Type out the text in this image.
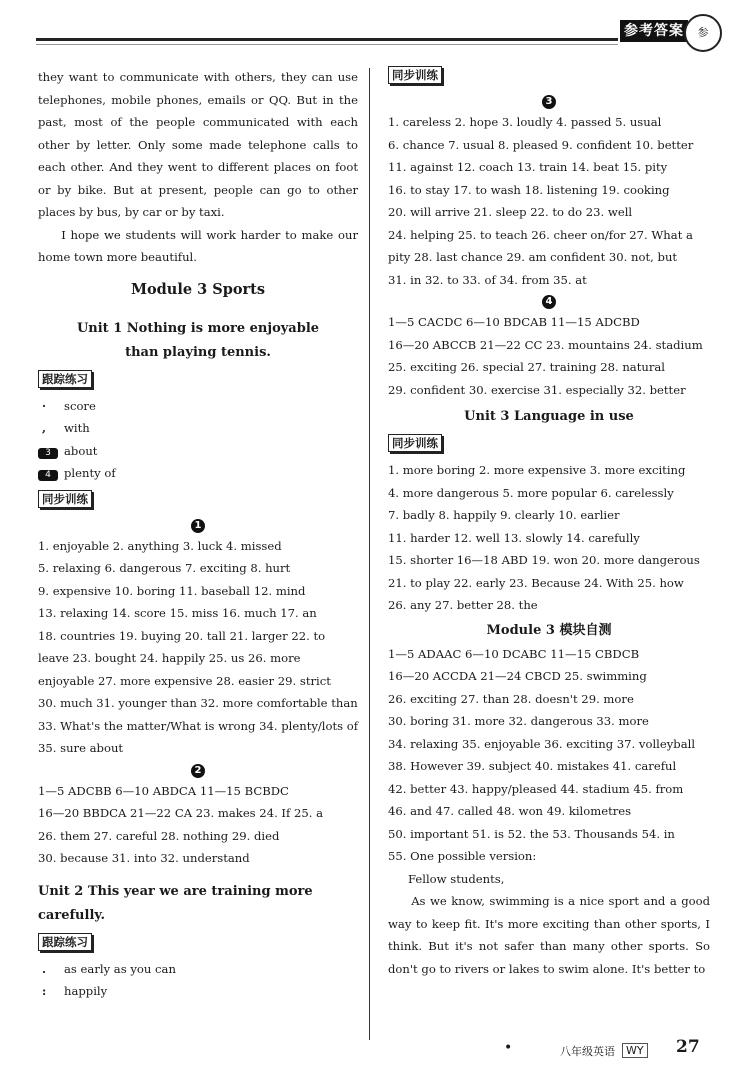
参考答案	参

they want to communicate with others, they can use telephones, mobile phones, emails or QQ. But in the past, most of the people communicated with each other by letter. Only some made telephone calls to each other. And they went to different places on foot or by bike. But at present, people can go to other places by bus, by car or by taxi.

I hope we students will work harder to make our home town more beautiful.

Module 3 Sports
Unit 1 Nothing is more enjoyable
than playing tennis.
跟踪练习
· score
, with
3 about
4 plenty of
同步训练
1
1. enjoyable 2. anything 3. luck 4. missed
5. relaxing 6. dangerous 7. exciting 8. hurt
9. expensive 10. boring 11. baseball 12. mind
13. relaxing 14. score 15. miss 16. much 17. an
18. countries 19. buying 20. tall 21. larger 22. to
leave 23. bought 24. happily 25. us 26. more
enjoyable 27. more expensive 28. easier 29. strict
30. much 31. younger than 32. more comfortable than
33. What's the matter/What is wrong 34. plenty/lots of
35. sure about
2
1—5 ADCBB 6—10 ABDCA 11—15 BCBDC
16—20 BBDCA 21—22 CA 23. makes 24. If 25. a
26. them 27. careful 28. nothing 29. died
30. because 31. into 32. understand
Unit 2 This year we are training more carefully.
跟踪练习
. as early as you can
: happily
同步训练
3
1. careless 2. hope 3. loudly 4. passed 5. usual
6. chance 7. usual 8. pleased 9. confident 10. better
11. against 12. coach 13. train 14. beat 15. pity
16. to stay 17. to wash 18. listening 19. cooking
20. will arrive 21. sleep 22. to do 23. well
24. helping 25. to teach 26. cheer on/for 27. What a
pity 28. last chance 29. am confident 30. not, but
31. in 32. to 33. of 34. from 35. at
4
1—5 CACDC 6—10 BDCAB 11—15 ADCBD
16—20 ABCCB 21—22 CC 23. mountains 24. stadium
25. exciting 26. special 27. training 28. natural
29. confident 30. exercise 31. especially 32. better
Unit 3 Language in use
同步训练
1. more boring 2. more expensive 3. more exciting
4. more dangerous 5. more popular 6. carelessly
7. badly 8. happily 9. clearly 10. earlier
11. harder 12. well 13. slowly 14. carefully
15. shorter 16—18 ABD 19. won 20. more dangerous
21. to play 22. early 23. Because 24. With 25. how
26. any 27. better 28. the
Module 3 模块自测
1—5 ADAAC 6—10 DCABC 11—15 CBDCB
16—20 ACCDA 21—24 CBCD 25. swimming
26. exciting 27. than 28. doesn't 29. more
30. boring 31. more 32. dangerous 33. more
34. relaxing 35. enjoyable 36. exciting 37. volleyball
38. However 39. subject 40. mistakes 41. careful
42. better 43. happy/pleased 44. stadium 45. from
46. and 47. called 48. won 49. kilometres
50. important 51. is 52. the 53. Thousands 54. in
55. One possible version:
Fellow students,

As we know, swimming is a nice sport and a good way to keep fit. It's more exciting than other sports, I think. But it's not safer than many other sports. So don't go to rivers or lakes to swim alone. It's better to

•	八年级英语	WY 27
